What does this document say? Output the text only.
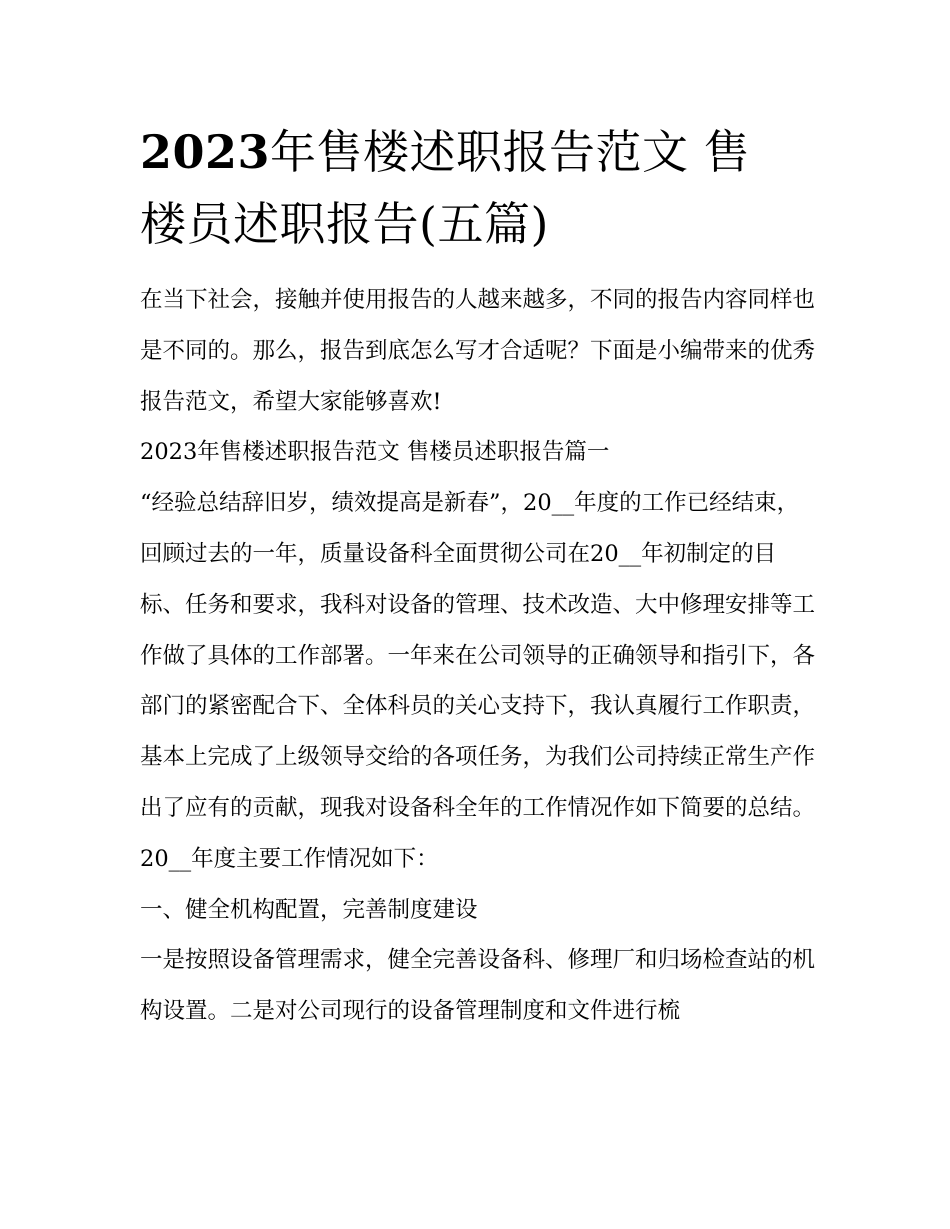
2023年售楼述职报告范文 售
楼员述职报告(五篇)

在当下社会，接触并使用报告的人越来越多，不同的报告内容同样也是不同的。那么，报告到底怎么写才合适呢？下面是小编带来的优秀报告范文，希望大家能够喜欢!

2023年售楼述职报告范文 售楼员述职报告篇一

“经验总结辞旧岁，绩效提高是新春”，20__年度的工作已经结束，回顾过去的一年，质量设备科全面贯彻公司在20__年初制定的目标、任务和要求，我科对设备的管理、技术改造、大中修理安排等工作做了具体的工作部署。一年来在公司领导的正确领导和指引下，各部门的紧密配合下、全体科员的关心支持下，我认真履行工作职责，基本上完成了上级领导交给的各项任务，为我们公司持续正常生产作出了应有的贡献，现我对设备科全年的工作情况作如下简要的总结。20__年度主要工作情况如下：

一、健全机构配置，完善制度建设

一是按照设备管理需求，健全完善设备科、修理厂和归场检查站的机构设置。二是对公司现行的设备管理制度和文件进行梳
